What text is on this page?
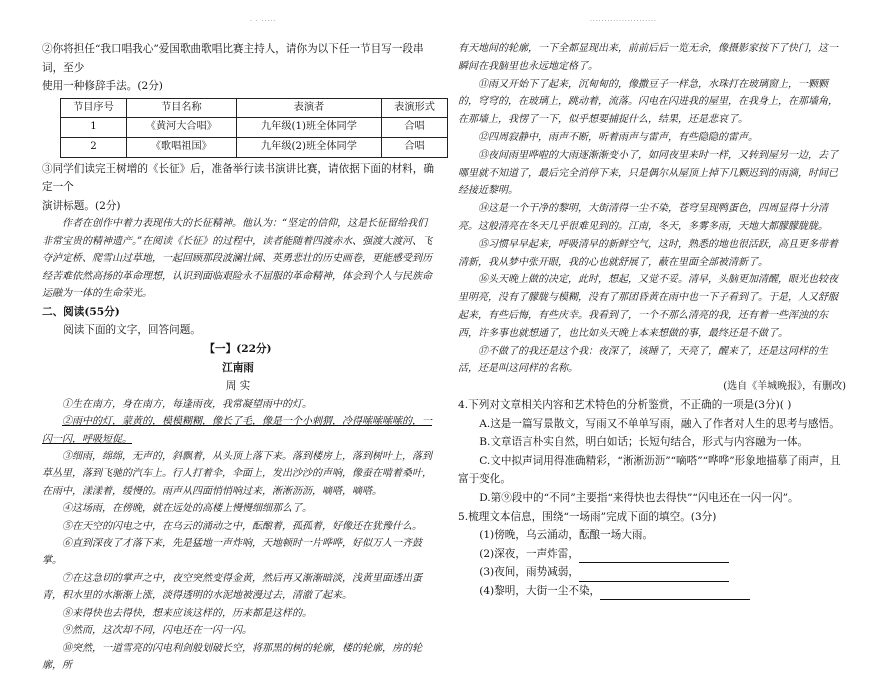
· · ·····	·······················

②你将担任“我口唱我心”爱国歌曲歌唱比赛主持人，请你为以下任一节目写一段串词，至少

使用一种修辞手法。(2分)

节目序号	节目名称	表演者	表演形式
1	《黄河大合唱》	九年级(1)班全体同学	合唱
2	《歌唱祖国》	九年级(2)班全体同学	合唱

③同学们读完王树增的《长征》后，准备举行读书演讲比赛，请依据下面的材料，确定一个

演讲标题。(2分)

作者在创作中着力表现伟大的长征精神。他认为：“坚定的信仰，这是长征留给我们非常宝贵的精神遗产。”在阅读《长征》的过程中，读者能随着四渡赤水、强渡大渡河、飞夺泸定桥、爬雪山过草地，一起回顾那段波澜壮阔、英勇悲壮的历史画卷，更能感受到历经苦难依然高扬的革命理想，认识到面临艰险永不屈服的革命精神，体会到个人与民族命运融为一体的生命荣光。

二、阅读(55分)

阅读下面的文字，回答问题。

【一】(22分)

江南雨

周 实

①生在南方，身在南方，每逢雨夜，我常凝望雨中的灯。

②雨中的灯，蒙黄的，模模糊糊，像长了毛，像是一个小刺猬，冷得嗦嗦嗦嗦的，一闪一闪，呼吸短促。

③细雨，绵绵，无声的，斜飘着，从头顶上落下来。落到楼房上，落到树叶上，落到草丛里，落到飞驰的汽车上。行人打着伞，伞面上，发出沙沙的声响，像蚕在啃着桑叶，在雨中，漾漾着，缓慢的。雨声从四面悄悄响过来，淅淅沥沥，嘀嗒，嘀嗒。

④这场雨，在傍晚，就在远处的高楼上慢慢细细那么了。

⑤在天空的闪电之中，在乌云的涌动之中，酝酿着，孤孤着，好像还在犹豫什么。

⑥直到深夜了才落下来，先是猛地一声炸响，天地顿时一片哗哗，好似万人一齐鼓掌。

⑦在这急切的掌声之中，夜空突然变得金黄，然后再又渐渐暗淡，浅黄里面透出蛋青，积水里的水渐渐上涨，淡得透明的水泥地被漫过去，清澈了起来。

⑧来得快也去得快，想来应该这样的，历来都是这样的。

⑨然而，这次却不同，闪电还在一闪一闪。

⑩突然，一道雪亮的闪电利剑般划破长空，将那黑的树的轮廓，楼的轮廓，房的轮廓，所

有天地间的轮廓，一下全都显现出来，前前后后一览无余，像摄影家按下了快门，这一瞬间在我脑里也永远地定格了。

⑪雨又开始下了起来，沉甸甸的，像撒豆子一样急，水珠打在玻璃窗上，一颗颗的，穹穹的，在玻璃上，跳动着，流落。闪电在闪进我的屋里，在我身上，在那墙角，在那墙上，我愣了一下，似乎想要捕捉什么，结果，还是悲哀了。

⑫四周寂静中，雨声不断，听着雨声与雷声，有些隐隐的雷声。

⑬夜间雨里哗啦的大雨逐渐渐变小了，如同夜里来时一样，又转到屋另一边，去了哪里就不知道了，最后完全消停下来，只是偶尔从屋顶上掉下几颗迟到的雨滴，时间已经接近黎明。

⑭这是一个干净的黎明，大街清得一尘不染，苍穹呈现鸭蛋色，四周显得十分清亮。这般清亮在冬天几乎很难见到的。江南，冬天，多雾多雨，天地大都朦朦胧胧。

⑮习惯早早起来，呼吸清早的新鲜空气，这时，熟悉的地也很活跃，高且更多带着清新，我从梦中张开眼，我的心也就舒展了，蔽在里面全部被清新了。

⑯头天晚上做的决定，此时，想起，又觉不妥。清早，头脑更加清醒，眼光也较夜里明亮，没有了朦胧与模糊，没有了那团昏黄在雨中也一下子看到了。于是，人又舒服起来，有些后悔，有些庆幸。我看到了，一个不那么清亮的我，还有着一些浑浊的东西，许多事也就想通了，也比如头天晚上本来想做的事，最终还是不做了。

⑰不做了的我还是这个我：夜深了，该睡了，天亮了，醒来了，还是这同样的生活，还是叫这同样的名称。

(选自《羊城晚报》，有删改)

4.下列对文章相关内容和艺术特色的分析鉴赏，不正确的一项是(3分)( )

A.这是一篇写景散文，写雨又不单单写雨，融入了作者对人生的思考与感悟。

B.文章语言朴实自然，明白如话；长短句结合，形式与内容融为一体。

C.文中拟声词用得准确精彩，“淅淅沥沥”“嘀嗒”“哗哗”形象地描摹了雨声，且富于变化。

D.第⑨段中的“不同”主要指“来得快也去得快”“闪电还在一闪一闪”。

5.梳理文本信息，围绕“一场雨”完成下面的填空。(3分)

(1)傍晚，乌云涌动，酝酿一场大雨。

(2)深夜，一声炸雷，

(3)夜间，雨势减弱，

(4)黎明，大街一尘不染，
